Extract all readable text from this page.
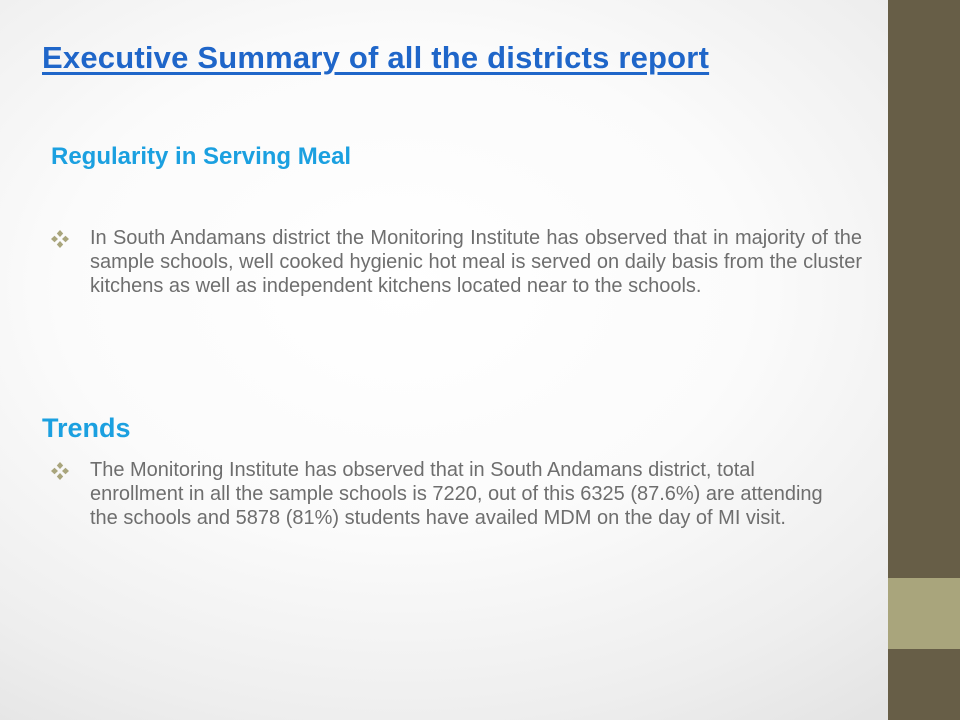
Executive Summary of all the districts report
Regularity in Serving Meal
In South Andamans district the Monitoring Institute has observed that in majority of the sample schools, well cooked hygienic hot meal is served on daily basis from the cluster kitchens as well as independent kitchens located near to the schools.
Trends
The Monitoring Institute has observed that in South Andamans district, total enrollment in all the sample schools is 7220, out of this 6325 (87.6%) are attending the schools and 5878 (81%) students have availed MDM on the day of MI visit.
